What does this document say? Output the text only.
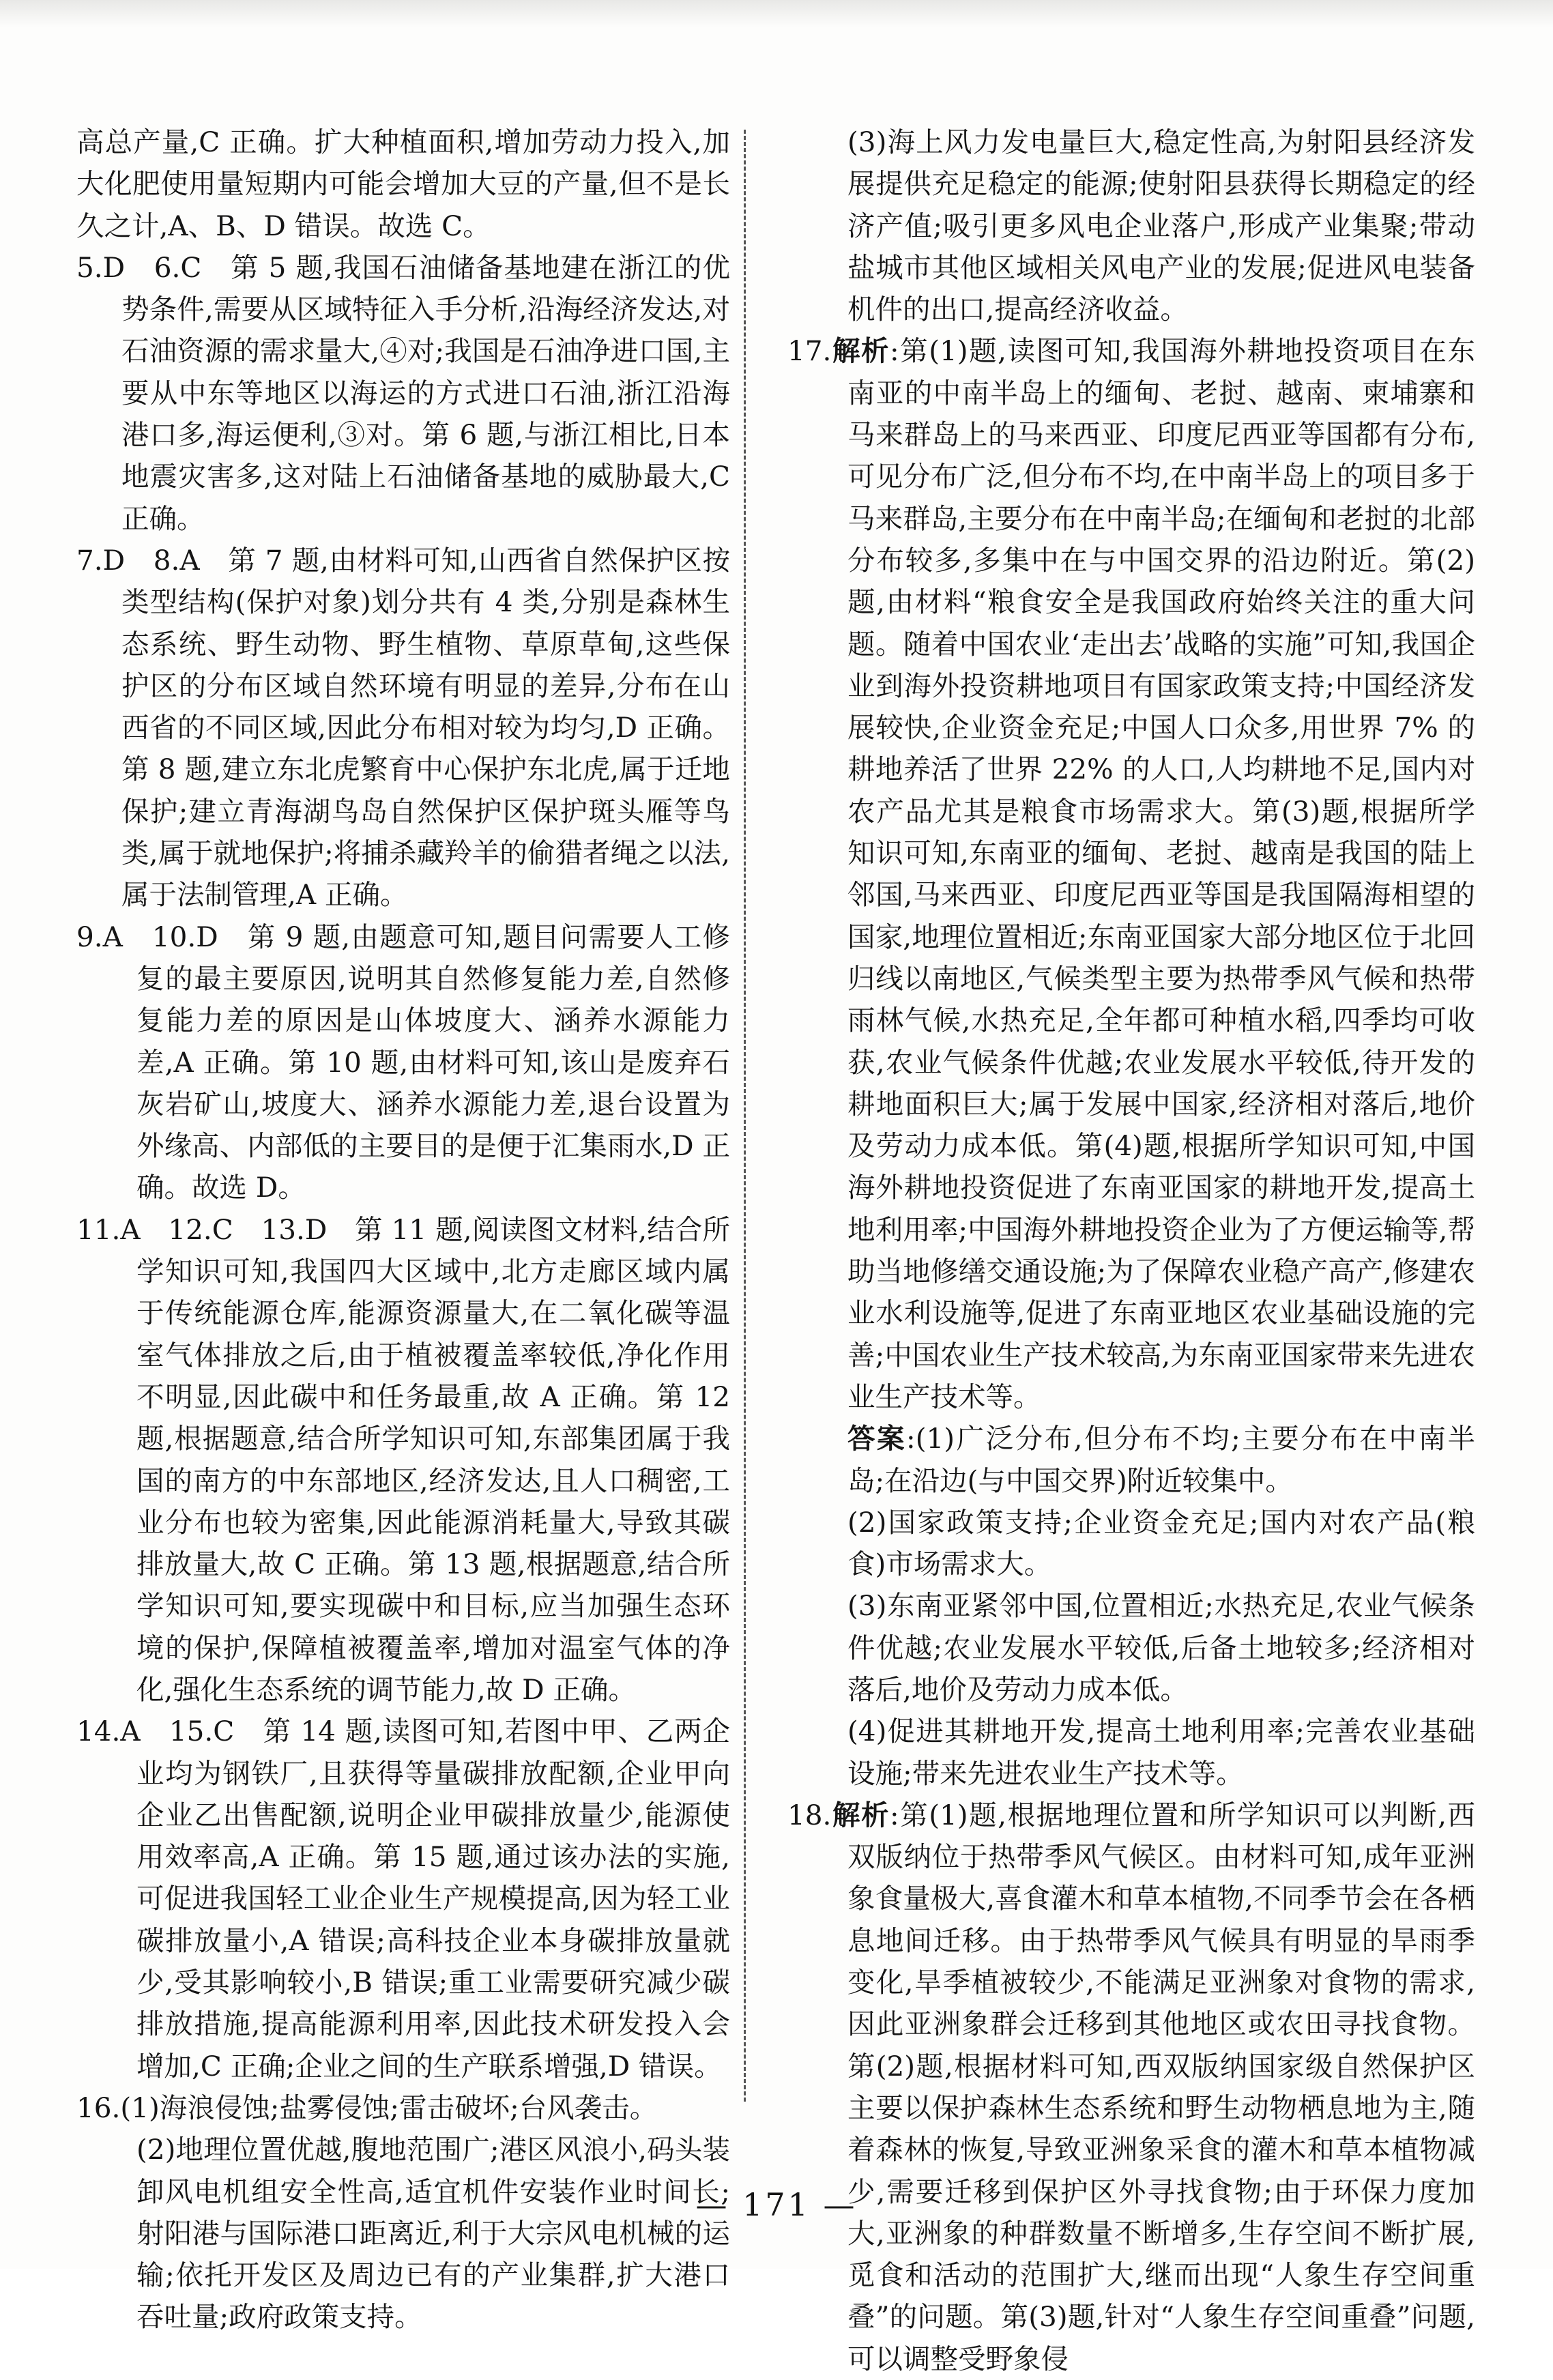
高总产量,C 正确。扩大种植面积,增加劳动力投入,加大化肥使用量短期内可能会增加大豆的产量,但不是长久之计,A、B、D 错误。故选 C。

5.D　6.C　第 5 题,我国石油储备基地建在浙江的优势条件,需要从区域特征入手分析,沿海经济发达,对石油资源的需求量大,④对;我国是石油净进口国,主要从中东等地区以海运的方式进口石油,浙江沿海港口多,海运便利,③对。第 6 题,与浙江相比,日本地震灾害多,这对陆上石油储备基地的威胁最大,C 正确。

7.D　8.A　第 7 题,由材料可知,山西省自然保护区按类型结构(保护对象)划分共有 4 类,分别是森林生态系统、野生动物、野生植物、草原草甸,这些保护区的分布区域自然环境有明显的差异,分布在山西省的不同区域,因此分布相对较为均匀,D 正确。第 8 题,建立东北虎繁育中心保护东北虎,属于迁地保护;建立青海湖鸟岛自然保护区保护斑头雁等鸟类,属于就地保护;将捕杀藏羚羊的偷猎者绳之以法,属于法制管理,A 正确。

9.A　10.D　第 9 题,由题意可知,题目问需要人工修复的最主要原因,说明其自然修复能力差,自然修复能力差的原因是山体坡度大、涵养水源能力差,A 正确。第 10 题,由材料可知,该山是废弃石灰岩矿山,坡度大、涵养水源能力差,退台设置为外缘高、内部低的主要目的是便于汇集雨水,D 正确。故选 D。

11.A　12.C　13.D　第 11 题,阅读图文材料,结合所学知识可知,我国四大区域中,北方走廊区域内属于传统能源仓库,能源资源量大,在二氧化碳等温室气体排放之后,由于植被覆盖率较低,净化作用不明显,因此碳中和任务最重,故 A 正确。第 12 题,根据题意,结合所学知识可知,东部集团属于我国的南方的中东部地区,经济发达,且人口稠密,工业分布也较为密集,因此能源消耗量大,导致其碳排放量大,故 C 正确。第 13 题,根据题意,结合所学知识可知,要实现碳中和目标,应当加强生态环境的保护,保障植被覆盖率,增加对温室气体的净化,强化生态系统的调节能力,故 D 正确。

14.A　15.C　第 14 题,读图可知,若图中甲、乙两企业均为钢铁厂,且获得等量碳排放配额,企业甲向企业乙出售配额,说明企业甲碳排放量少,能源使用效率高,A 正确。第 15 题,通过该办法的实施,可促进我国轻工业企业生产规模提高,因为轻工业碳排放量小,A 错误;高科技企业本身碳排放量就少,受其影响较小,B 错误;重工业需要研究减少碳排放措施,提高能源利用率,因此技术研发投入会增加,C 正确;企业之间的生产联系增强,D 错误。

16.(1)海浪侵蚀;盐雾侵蚀;雷击破坏;台风袭击。

(2)地理位置优越,腹地范围广;港区风浪小,码头装卸风电机组安全性高,适宜机件安装作业时间长;射阳港与国际港口距离近,利于大宗风电机械的运输;依托开发区及周边已有的产业集群,扩大港口吞吐量;政府政策支持。

(3)海上风力发电量巨大,稳定性高,为射阳县经济发展提供充足稳定的能源;使射阳县获得长期稳定的经济产值;吸引更多风电企业落户,形成产业集聚;带动盐城市其他区域相关风电产业的发展;促进风电装备机件的出口,提高经济收益。

17.解析:第(1)题,读图可知,我国海外耕地投资项目在东南亚的中南半岛上的缅甸、老挝、越南、柬埔寨和马来群岛上的马来西亚、印度尼西亚等国都有分布,可见分布广泛,但分布不均,在中南半岛上的项目多于马来群岛,主要分布在中南半岛;在缅甸和老挝的北部分布较多,多集中在与中国交界的沿边附近。第(2)题,由材料“粮食安全是我国政府始终关注的重大问题。随着中国农业‘走出去’战略的实施”可知,我国企业到海外投资耕地项目有国家政策支持;中国经济发展较快,企业资金充足;中国人口众多,用世界 7% 的耕地养活了世界 22% 的人口,人均耕地不足,国内对农产品尤其是粮食市场需求大。第(3)题,根据所学知识可知,东南亚的缅甸、老挝、越南是我国的陆上邻国,马来西亚、印度尼西亚等国是我国隔海相望的国家,地理位置相近;东南亚国家大部分地区位于北回归线以南地区,气候类型主要为热带季风气候和热带雨林气候,水热充足,全年都可种植水稻,四季均可收获,农业气候条件优越;农业发展水平较低,待开发的耕地面积巨大;属于发展中国家,经济相对落后,地价及劳动力成本低。第(4)题,根据所学知识可知,中国海外耕地投资促进了东南亚国家的耕地开发,提高土地利用率;中国海外耕地投资企业为了方便运输等,帮助当地修缮交通设施;为了保障农业稳产高产,修建农业水利设施等,促进了东南亚地区农业基础设施的完善;中国农业生产技术较高,为东南亚国家带来先进农业生产技术等。

答案:(1)广泛分布,但分布不均;主要分布在中南半岛;在沿边(与中国交界)附近较集中。

(2)国家政策支持;企业资金充足;国内对农产品(粮食)市场需求大。

(3)东南亚紧邻中国,位置相近;水热充足,农业气候条件优越;农业发展水平较低,后备土地较多;经济相对落后,地价及劳动力成本低。

(4)促进其耕地开发,提高土地利用率;完善农业基础设施;带来先进农业生产技术等。

18.解析:第(1)题,根据地理位置和所学知识可以判断,西双版纳位于热带季风气候区。由材料可知,成年亚洲象食量极大,喜食灌木和草本植物,不同季节会在各栖息地间迁移。由于热带季风气候具有明显的旱雨季变化,旱季植被较少,不能满足亚洲象对食物的需求,因此亚洲象群会迁移到其他地区或农田寻找食物。第(2)题,根据材料可知,西双版纳国家级自然保护区主要以保护森林生态系统和野生动物栖息地为主,随着森林的恢复,导致亚洲象采食的灌木和草本植物减少,需要迁移到保护区外寻找食物;由于环保力度加大,亚洲象的种群数量不断增多,生存空间不断扩展,觅食和活动的范围扩大,继而出现“人象生存空间重叠”的问题。第(3)题,针对“人象生存空间重叠”问题,可以调整受野象侵

— 171 —
